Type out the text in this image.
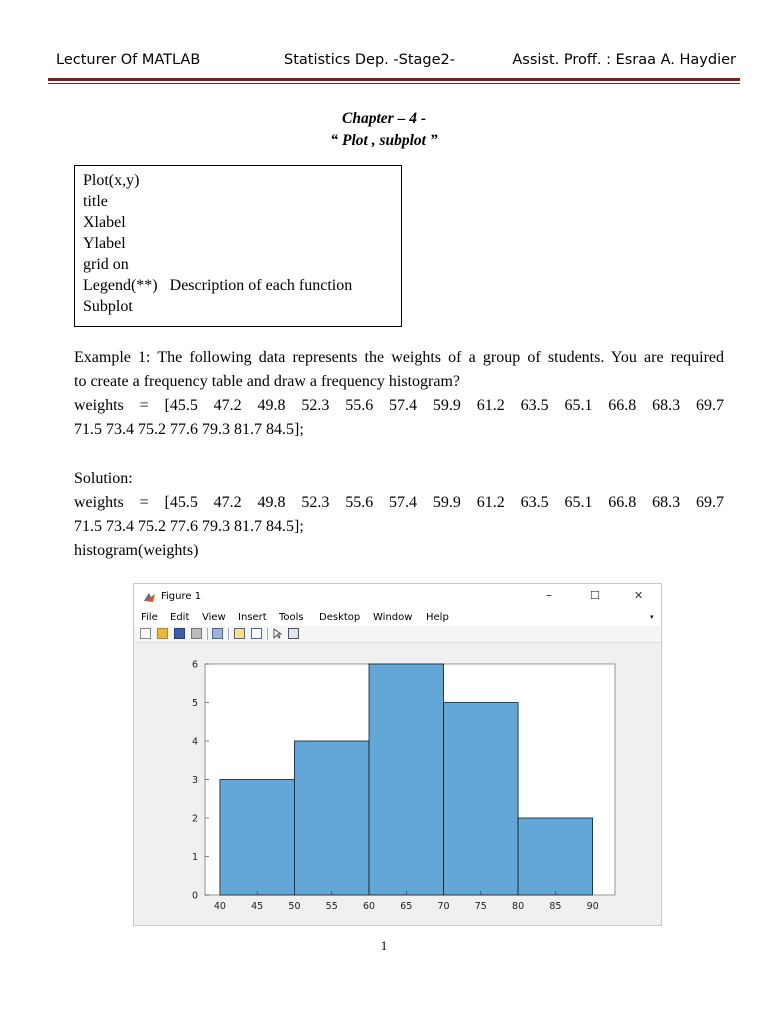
Lecturer Of MATLAB	Statistics Dep. -Stage2-	Assist. Proff. : Esraa A. Haydier
Chapter – 4 -
“ Plot , subplot ”
Plot(x,y)
title
Xlabel
Ylabel
grid on
Legend(**) Description of each function
Subplot
Example 1: The following data represents the weights of a group of students. You are required
to create a frequency table and draw a frequency histogram?
weights = [45.5 47.2 49.8 52.3 55.6 57.4 59.9 61.2 63.5 65.1 66.8 68.3 69.7
71.5 73.4 75.2 77.6 79.3 81.7 84.5];
Solution:
weights = [45.5 47.2 49.8 52.3 55.6 57.4 59.9 61.2 63.5 65.1 66.8 68.3 69.7
71.5 73.4 75.2 77.6 79.3 81.7 84.5];
histogram(weights)
Figure 1	–	☐	✕
File Edit View Insert Tools Desktop Window Help	▾
0
1
2
3
4
5
6
40	45	50	55	60	65	70	75	80	85	90
1
